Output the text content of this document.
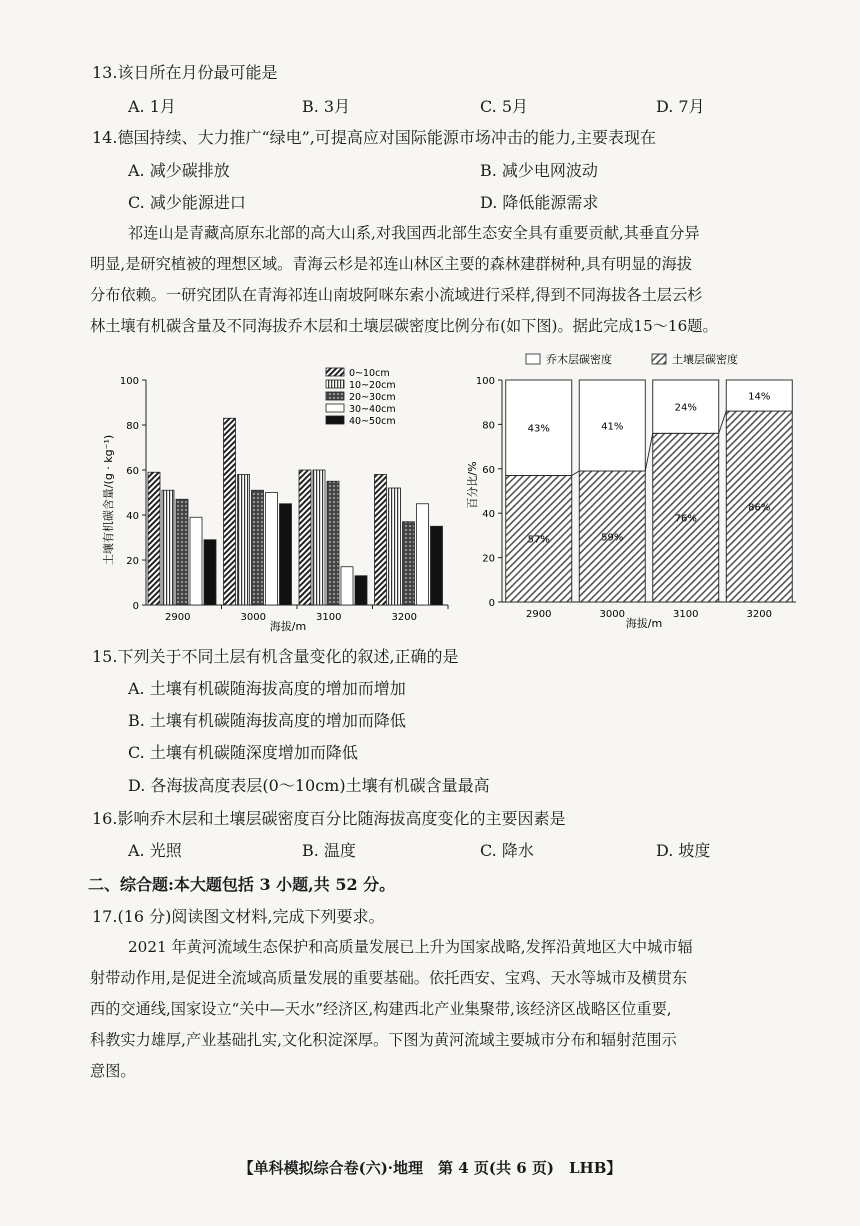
13.该日所在月份最可能是
A. 1月	B. 3月	C. 5月	D. 7月
14.德国持续、大力推广“绿电”,可提高应对国际能源市场冲击的能力,主要表现在
A. 减少碳排放	B. 减少电网波动
C. 减少能源进口	D. 降低能源需求

祁连山是青藏高原东北部的高大山系,对我国西北部生态安全具有重要贡献,其垂直分异

明显,是研究植被的理想区域。青海云杉是祁连山林区主要的森林建群树种,具有明显的海拔
分布依赖。一研究团队在青海祁连山南坡阿咪东索小流域进行采样,得到不同海拔各土层云杉
林土壤有机碳含量及不同海拔乔木层和土壤层碳密度比例分布(如下图)。据此完成15～16题。
0
20
40
60
80
100
2900	3000	3100	3200
0~10cm
10~20cm
20~30cm
30~40cm
40~50cm
土壤有机碳含量/(g · kg⁻¹)
海拔/m
0
20
40
60
80
100
2900	3000	3100	3200
57%
43%
59%
41%
76%
24%
86%
14%
乔木层碳密度	土壤层碳密度
百分比/%
海拔/m
15.下列关于不同土层有机含量变化的叙述,正确的是
A. 土壤有机碳随海拔高度的增加而增加
B. 土壤有机碳随海拔高度的增加而降低
C. 土壤有机碳随深度增加而降低
D. 各海拔高度表层(0～10cm)土壤有机碳含量最高
16.影响乔木层和土壤层碳密度百分比随海拔高度变化的主要因素是
A. 光照	B. 温度	C. 降水	D. 坡度
二、综合题:本大题包括 3 小题,共 52 分。
17.(16 分)阅读图文材料,完成下列要求。

2021 年黄河流域生态保护和高质量发展已上升为国家战略,发挥沿黄地区大中城市辐

射带动作用,是促进全流域高质量发展的重要基础。依托西安、宝鸡、天水等城市及横贯东
西的交通线,国家设立“关中—天水”经济区,构建西北产业集聚带,该经济区战略区位重要,
科教实力雄厚,产业基础扎实,文化积淀深厚。下图为黄河流域主要城市分布和辐射范围示
意图。
【单科模拟综合卷(六)·地理　第 4 页(共 6 页)　LHB】
